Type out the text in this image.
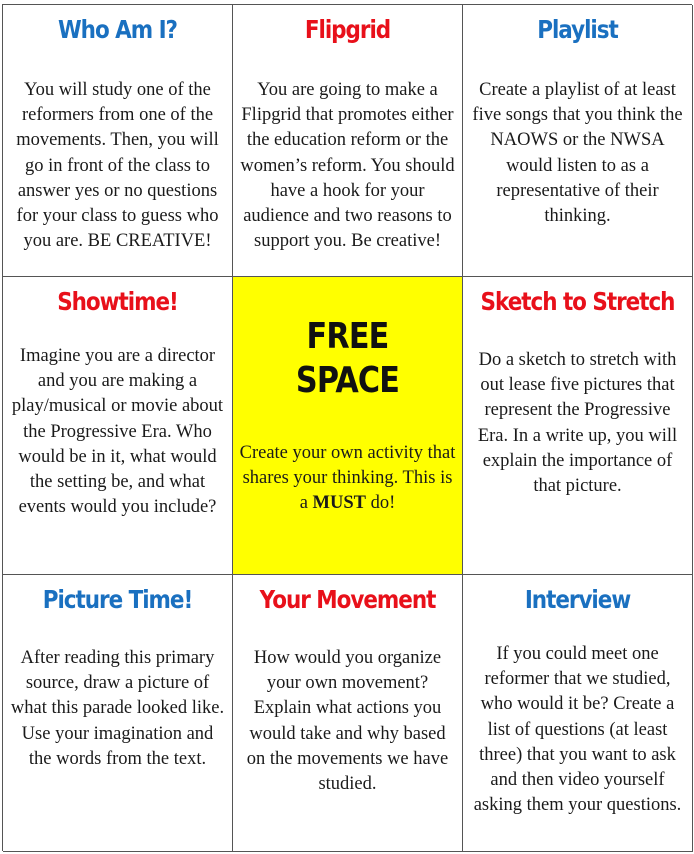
Who Am I?
You will study one of the reformers from one of the movements. Then, you will go in front of the class to answer yes or no questions for your class to guess who you are. BE CREATIVE!
Flipgrid
You are going to make a Flipgrid that promotes either the education reform or the women’s reform. You should have a hook for your audience and two reasons to support you. Be creative!
Playlist
Create a playlist of at least five songs that you think the NAOWS or the NWSA would listen to as a representative of their thinking.
Showtime!
Imagine you are a director and you are making a play/musical or movie about the Progressive Era. Who would be in it, what would the setting be, and what events would you include?
FREE
SPACE
Create your own activity that shares your thinking. This is a MUST do!
Sketch to Stretch
Do a sketch to stretch with out lease five pictures that represent the Progressive Era. In a write up, you will explain the importance of that picture.
Picture Time!
After reading this primary source, draw a picture of what this parade looked like. Use your imagination and the words from the text.
Your Movement
How would you organize your own movement? Explain what actions you would take and why based on the movements we have studied.
Interview
If you could meet one reformer that we studied, who would it be? Create a list of questions (at least three) that you want to ask and then video yourself asking them your questions.
